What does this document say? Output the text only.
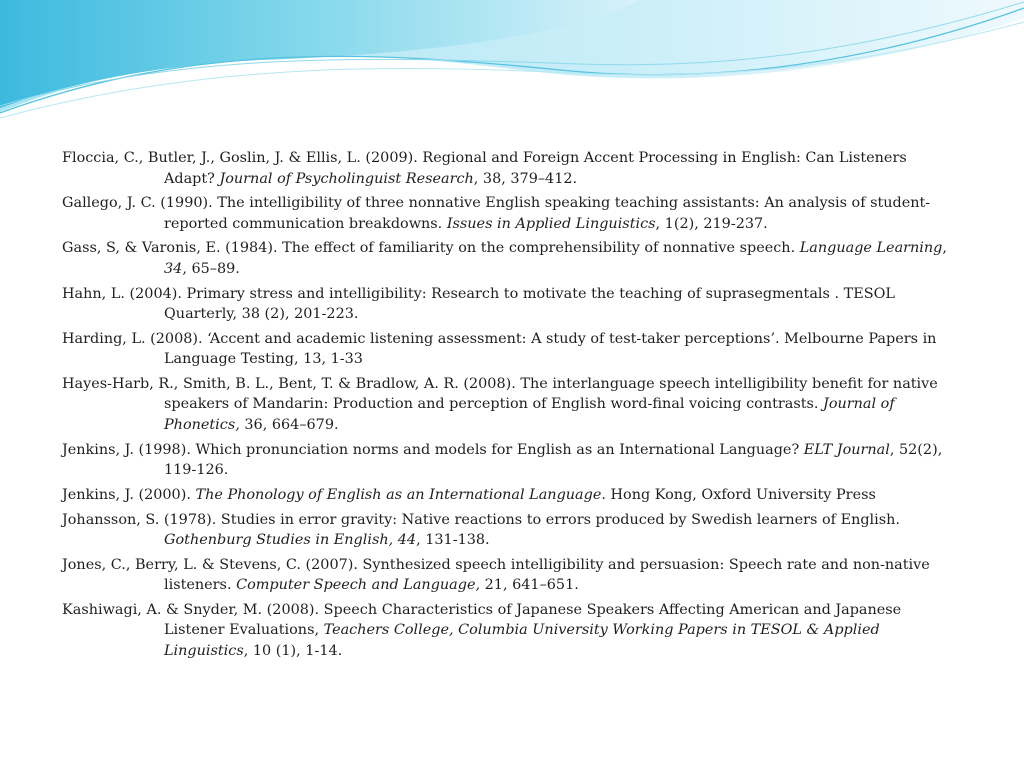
Floccia, C., Butler, J., Goslin, J. & Ellis, L. (2009). Regional and Foreign Accent Processing in English: Can Listeners Adapt? Journal of Psycholinguist Research, 38, 379–412.

Gallego, J. C. (1990). The intelligibility of three nonnative English speaking teaching assistants: An analysis of student-reported communication breakdowns. Issues in Applied Linguistics, 1(2), 219-237.

Gass, S, & Varonis, E. (1984). The effect of familiarity on the comprehensibility of nonnative speech. Language Learning, 34, 65–89.

Hahn, L. (2004). Primary stress and intelligibility: Research to motivate the teaching of suprasegmentals . TESOL Quarterly, 38 (2), 201-223.

Harding, L. (2008). ‘Accent and academic listening assessment: A study of test-taker perceptions’. Melbourne Papers in Language Testing, 13, 1-33

Hayes-Harb, R., Smith, B. L., Bent, T. & Bradlow, A. R. (2008). The interlanguage speech intelligibility benefit for native speakers of Mandarin: Production and perception of English word-final voicing contrasts. Journal of Phonetics, 36, 664–679.

Jenkins, J. (1998). Which pronunciation norms and models for English as an International Language? ELT Journal, 52(2), 119-126.

Jenkins, J. (2000). The Phonology of English as an International Language. Hong Kong, Oxford University Press

Johansson, S. (1978). Studies in error gravity: Native reactions to errors produced by Swedish learners of English. Gothenburg Studies in English, 44, 131-138.

Jones, C., Berry, L. & Stevens, C. (2007). Synthesized speech intelligibility and persuasion: Speech rate and non-native listeners. Computer Speech and Language, 21, 641–651.

Kashiwagi, A. & Snyder, M. (2008). Speech Characteristics of Japanese Speakers Affecting American and Japanese Listener Evaluations, Teachers College, Columbia University Working Papers in TESOL & Applied Linguistics, 10 (1), 1-14.
